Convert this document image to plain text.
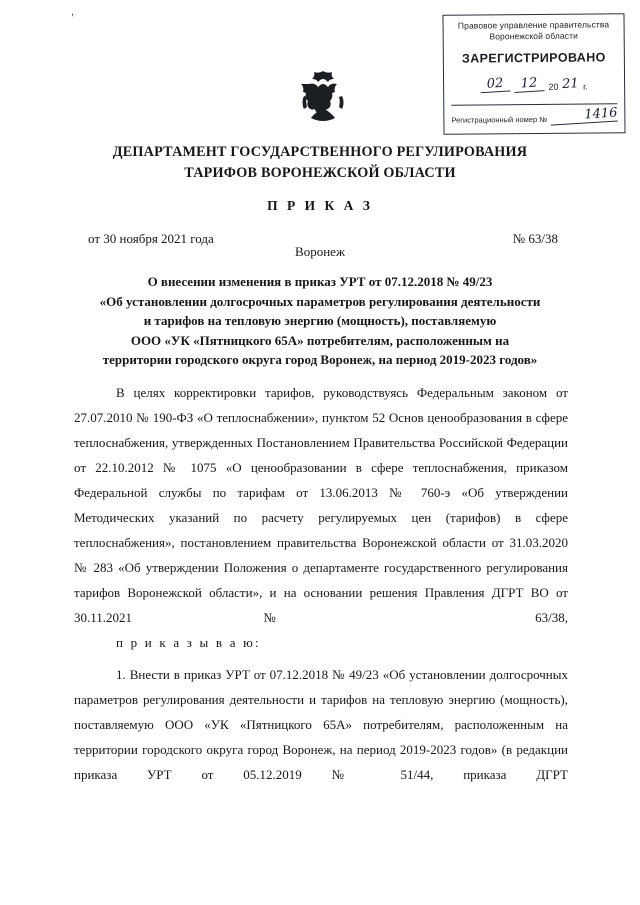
'
Правовое управление правительства Воронежской области
ЗАРЕГИСТРИРОВАНО
02	12	20 21 г.
Регистрационный номер №	1416
ДЕПАРТАМЕНТ ГОСУДАРСТВЕННОГО РЕГУЛИРОВАНИЯ ТАРИФОВ ВОРОНЕЖСКОЙ ОБЛАСТИ
П Р И К А З
от 30 ноября 2021 года	№ 63/38
Воронеж
О внесении изменения в приказ УРТ от 07.12.2018 № 49/23
«Об установлении долгосрочных параметров регулирования деятельности
и тарифов на тепловую энергию (мощность), поставляемую
ООО «УК «Пятницкого 65А» потребителям, расположенным на
территории городского округа город Воронеж, на период 2019-2023 годов»

В целях корректировки тарифов, руководствуясь Федеральным законом от 27.07.2010 № 190-ФЗ «О теплоснабжении», пунктом 52 Основ ценообразования в сфере теплоснабжения, утвержденных Постановлением Правительства Российской Федерации от 22.10.2012 № 1075 «О ценообразовании в сфере теплоснабжения, приказом Федеральной службы по тарифам от 13.06.2013 № 760-э «Об утверждении Методических указаний по расчету регулируемых цен (тарифов) в сфере теплоснабжения», постановлением правительства Воронежской области от 31.03.2020 № 283 «Об утверждении Положения о департаменте государственного регулирования тарифов Воронежской области», и на основании решения Правления ДГРТ ВО от 30.11.2021 № 63/38,

п р и к а з ы в а ю:

1. Внести в приказ УРТ от 07.12.2018 № 49/23 «Об установлении долгосрочных параметров регулирования деятельности и тарифов на тепловую энергию (мощность), поставляемую ООО «УК «Пятницкого 65А» потребителям, расположенным на территории городского округа город Воронеж, на период 2019-2023 годов» (в редакции приказа УРТ от 05.12.2019 № 51/44, приказа ДГРТ
